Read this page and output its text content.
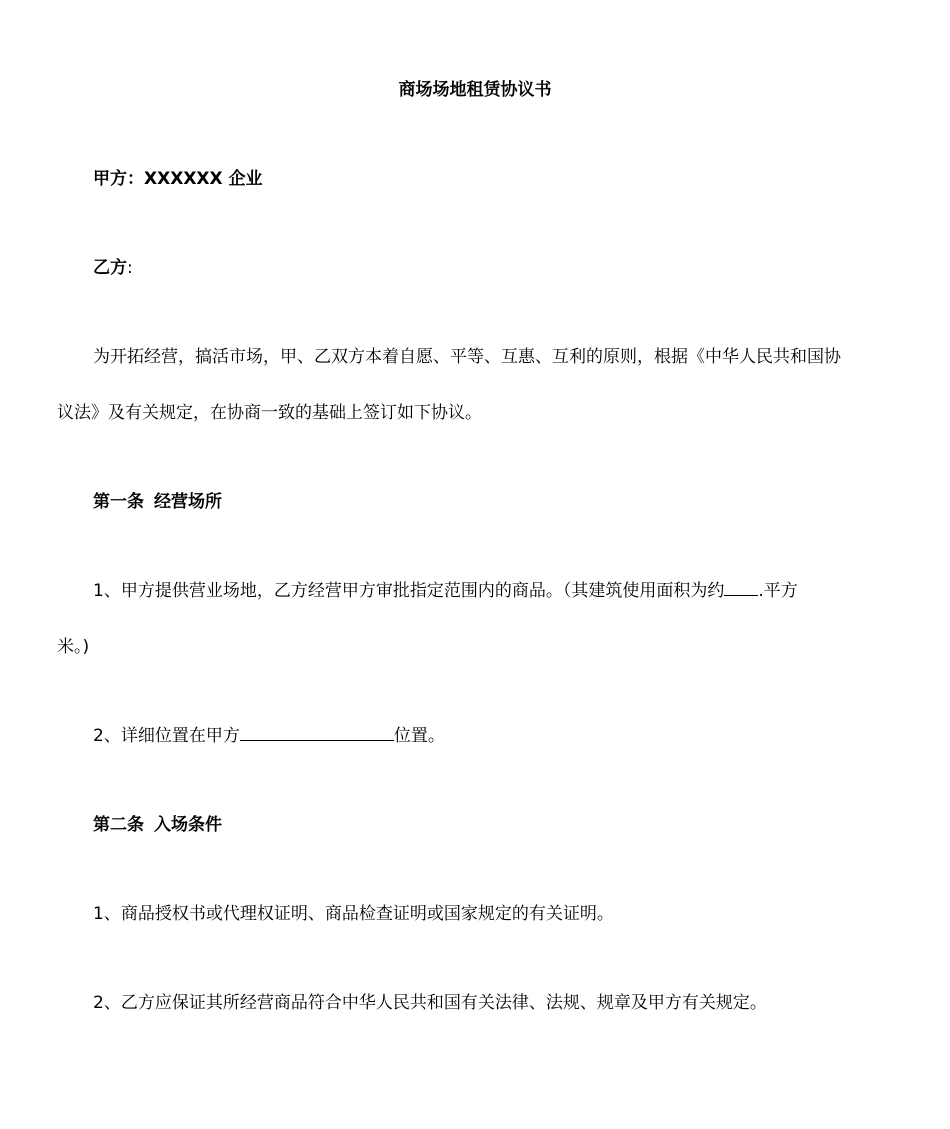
商场场地租赁协议书
甲方：XXXXXX 企业
乙方:
为开拓经营，搞活市场，甲、乙双方本着自愿、平等、互惠、互利的原则，根据《中华人民共和国协
议法》及有关规定，在协商一致的基础上签订如下协议。
第一条 经营场所
1、甲方提供营业场地，乙方经营甲方审批指定范围内的商品。（其建筑使用面积为约 .平方
米。)
2、详细位置在甲方	位置。
第二条 入场条件
1、商品授权书或代理权证明、商品检查证明或国家规定的有关证明。
2、乙方应保证其所经营商品符合中华人民共和国有关法律、法规、规章及甲方有关规定。
